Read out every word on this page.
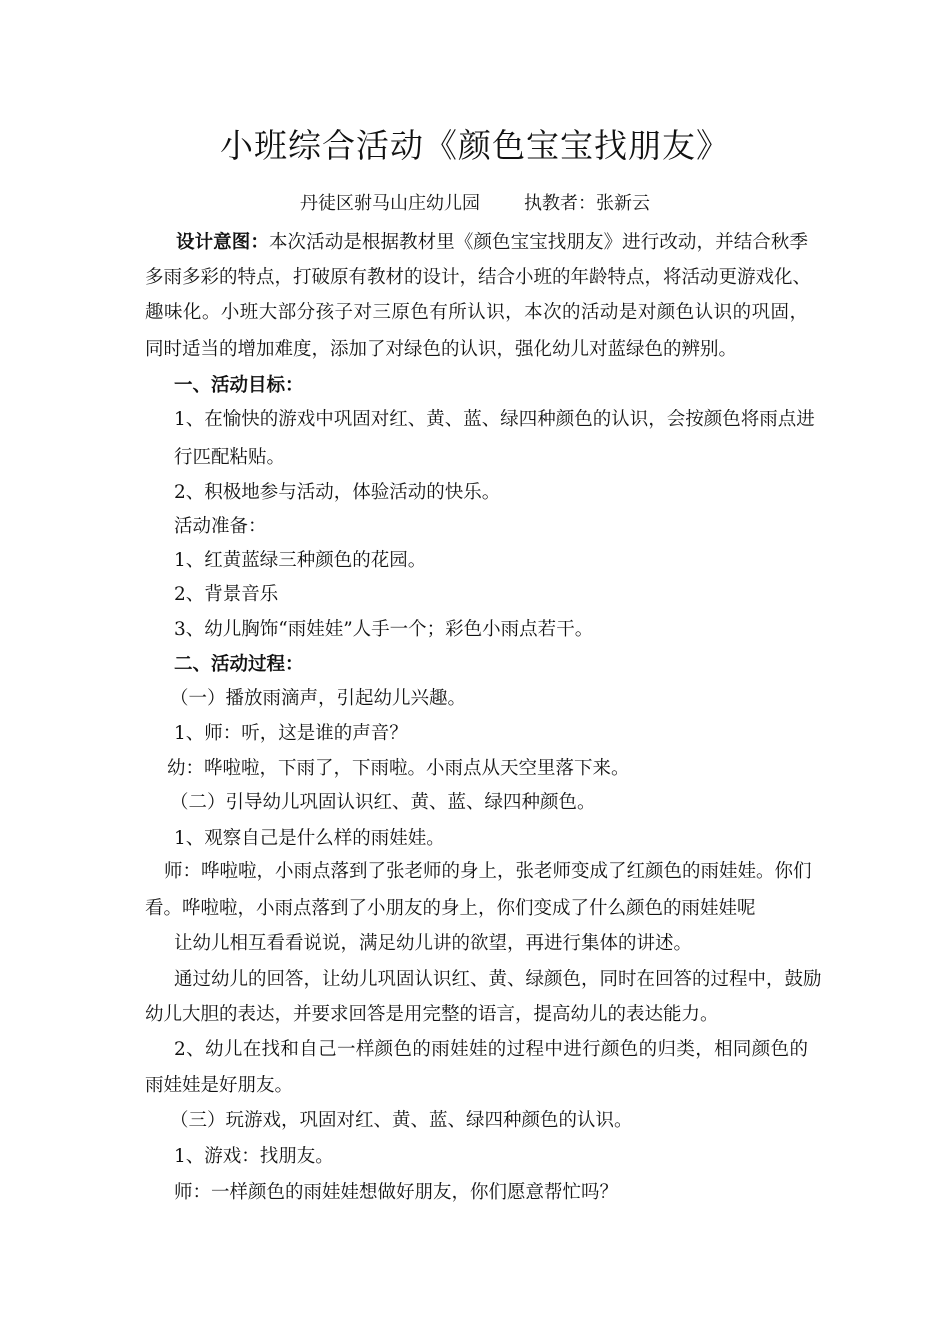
小班综合活动《颜色宝宝找朋友》
丹徒区驸马山庄幼儿园 执教者：张新云
设计意图：本次活动是根据教材里《颜色宝宝找朋友》进行改动，并结合秋季
多雨多彩的特点，打破原有教材的设计，结合小班的年龄特点，将活动更游戏化、
趣味化。小班大部分孩子对三原色有所认识，本次的活动是对颜色认识的巩固，
同时适当的增加难度，添加了对绿色的认识，强化幼儿对蓝绿色的辨别。
一、活动目标：
1、在愉快的游戏中巩固对红、黄、蓝、绿四种颜色的认识，会按颜色将雨点进
行匹配粘贴。
2、积极地参与活动，体验活动的快乐。
活动准备：
1、红黄蓝绿三种颜色的花园。
2、背景音乐
3、幼儿胸饰“雨娃娃”人手一个；彩色小雨点若干。
二、活动过程：
（一）播放雨滴声，引起幼儿兴趣。
1、师：听，这是谁的声音？
幼：哗啦啦，下雨了，下雨啦。小雨点从天空里落下来。
（二）引导幼儿巩固认识红、黄、蓝、绿四种颜色。
1、观察自己是什么样的雨娃娃。
师：哗啦啦，小雨点落到了张老师的身上，张老师变成了红颜色的雨娃娃。你们
看。哗啦啦，小雨点落到了小朋友的身上，你们变成了什么颜色的雨娃娃呢
让幼儿相互看看说说，满足幼儿讲的欲望，再进行集体的讲述。
通过幼儿的回答，让幼儿巩固认识红、黄、绿颜色，同时在回答的过程中，鼓励
幼儿大胆的表达，并要求回答是用完整的语言，提高幼儿的表达能力。
2、幼儿在找和自己一样颜色的雨娃娃的过程中进行颜色的归类，相同颜色的
雨娃娃是好朋友。
（三）玩游戏，巩固对红、黄、蓝、绿四种颜色的认识。
1、游戏：找朋友。
师：一样颜色的雨娃娃想做好朋友，你们愿意帮忙吗？
